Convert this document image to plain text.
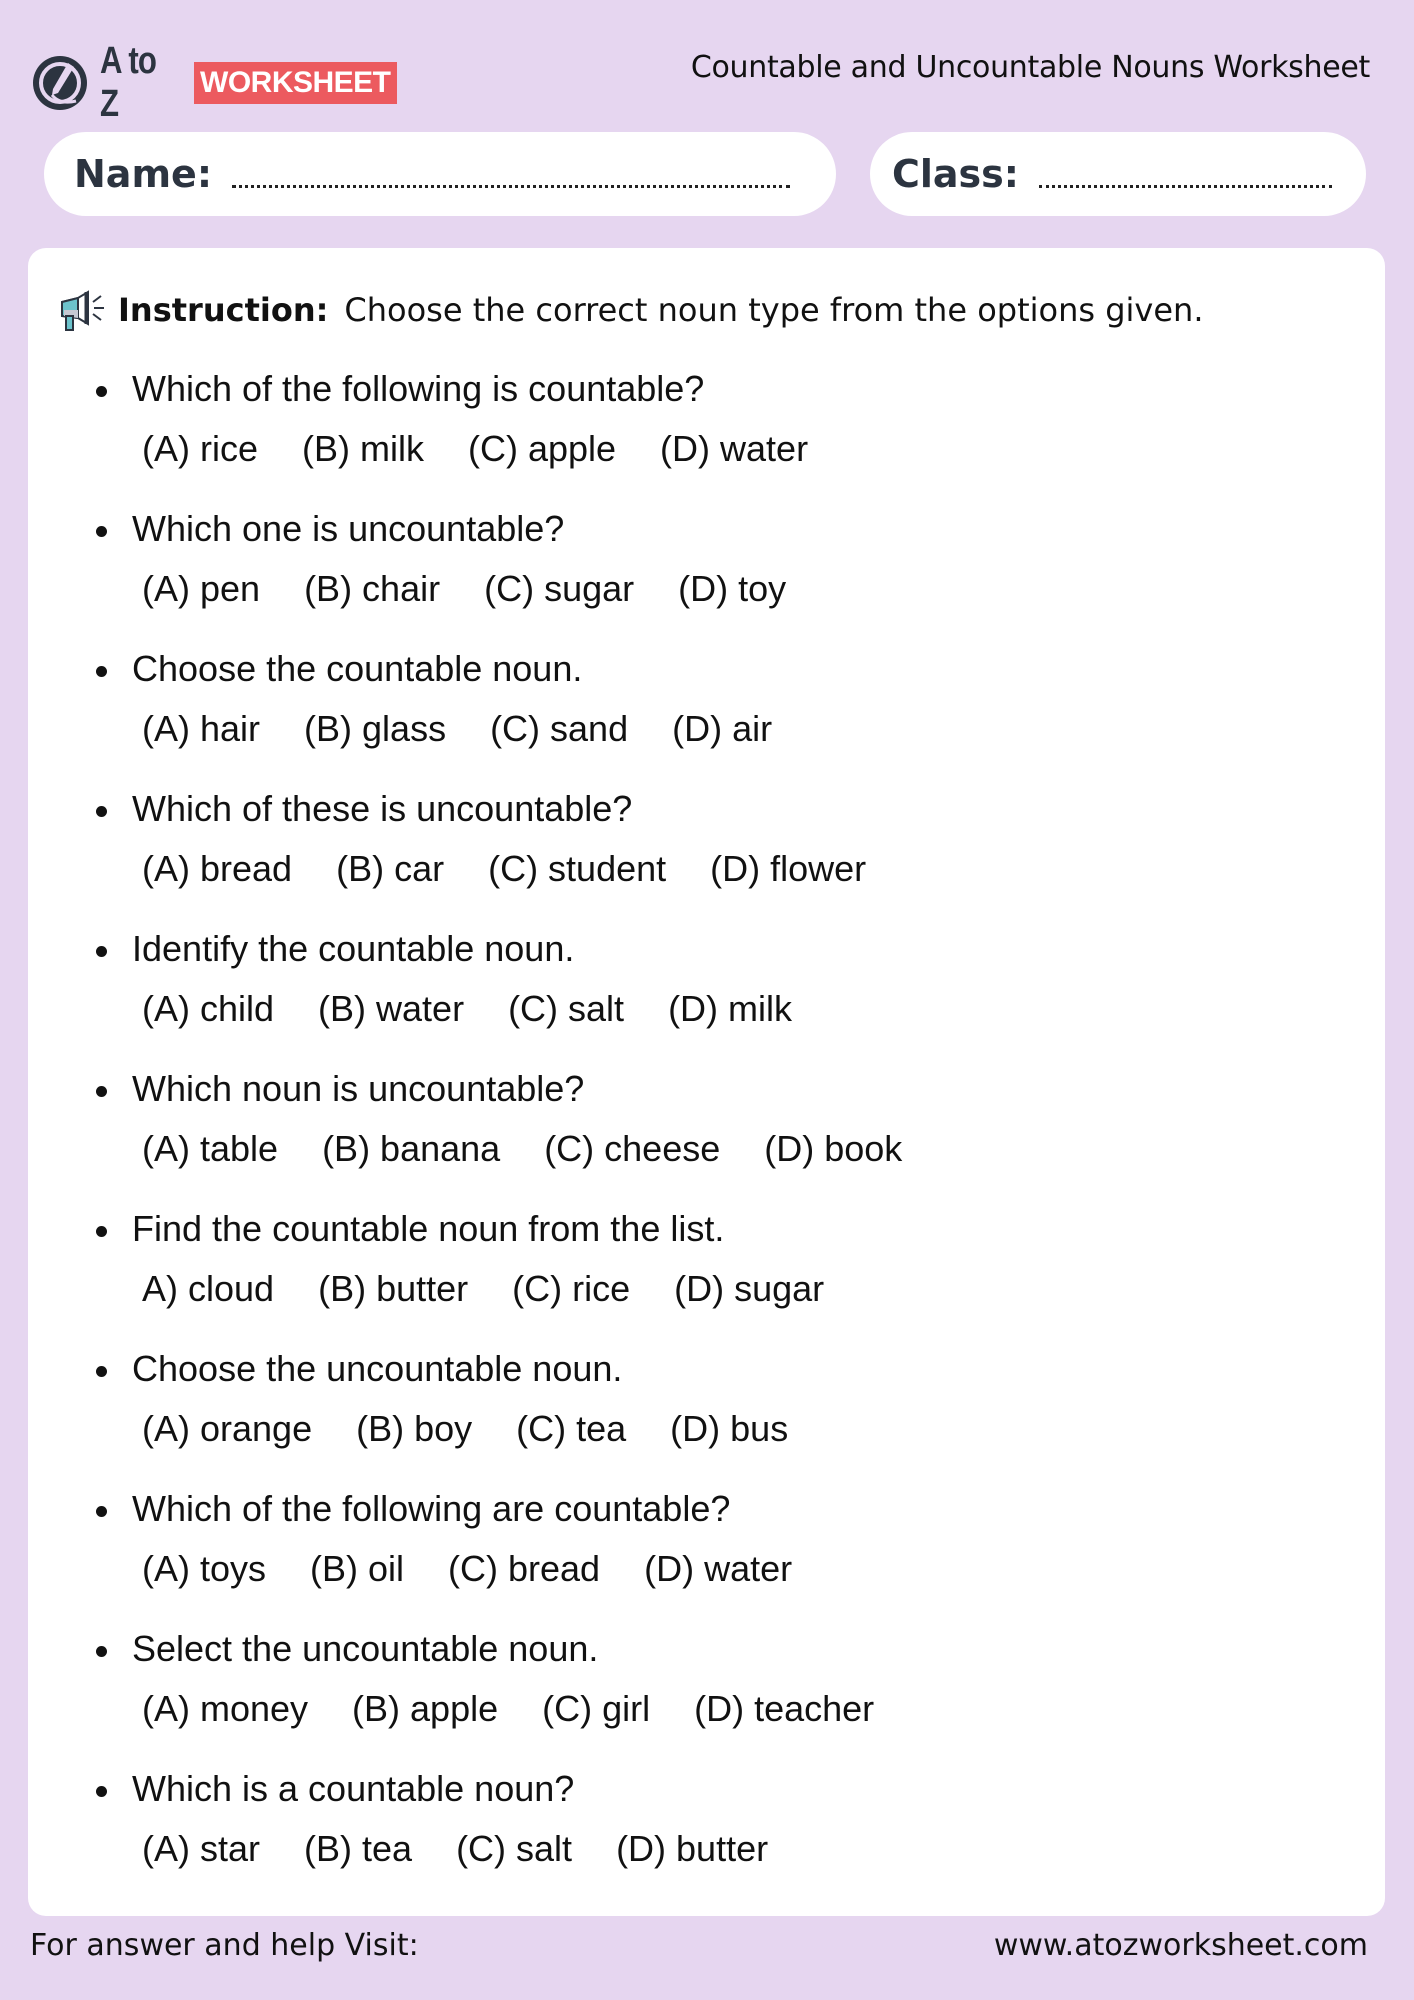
A to Z
WORKSHEET	Countable and Uncountable Nouns Worksheet
Name:	Class:
Instruction: Choose the correct noun type from the options given.
Which of the following is countable?
(A) rice (B) milk (C) apple (D) water
Which one is uncountable?
(A) pen (B) chair (C) sugar (D) toy
Choose the countable noun.
(A) hair (B) glass (C) sand (D) air
Which of these is uncountable?
(A) bread (B) car (C) student (D) flower
Identify the countable noun.
(A) child (B) water (C) salt (D) milk
Which noun is uncountable?
(A) table (B) banana (C) cheese (D) book
Find the countable noun from the list.
A) cloud (B) butter (C) rice (D) sugar
Choose the uncountable noun.
(A) orange (B) boy (C) tea (D) bus
Which of the following are countable?
(A) toys (B) oil (C) bread (D) water
Select the uncountable noun.
(A) money (B) apple (C) girl (D) teacher
Which is a countable noun?
(A) star (B) tea (C) salt (D) butter
For answer and help Visit:	www.atozworksheet.com
